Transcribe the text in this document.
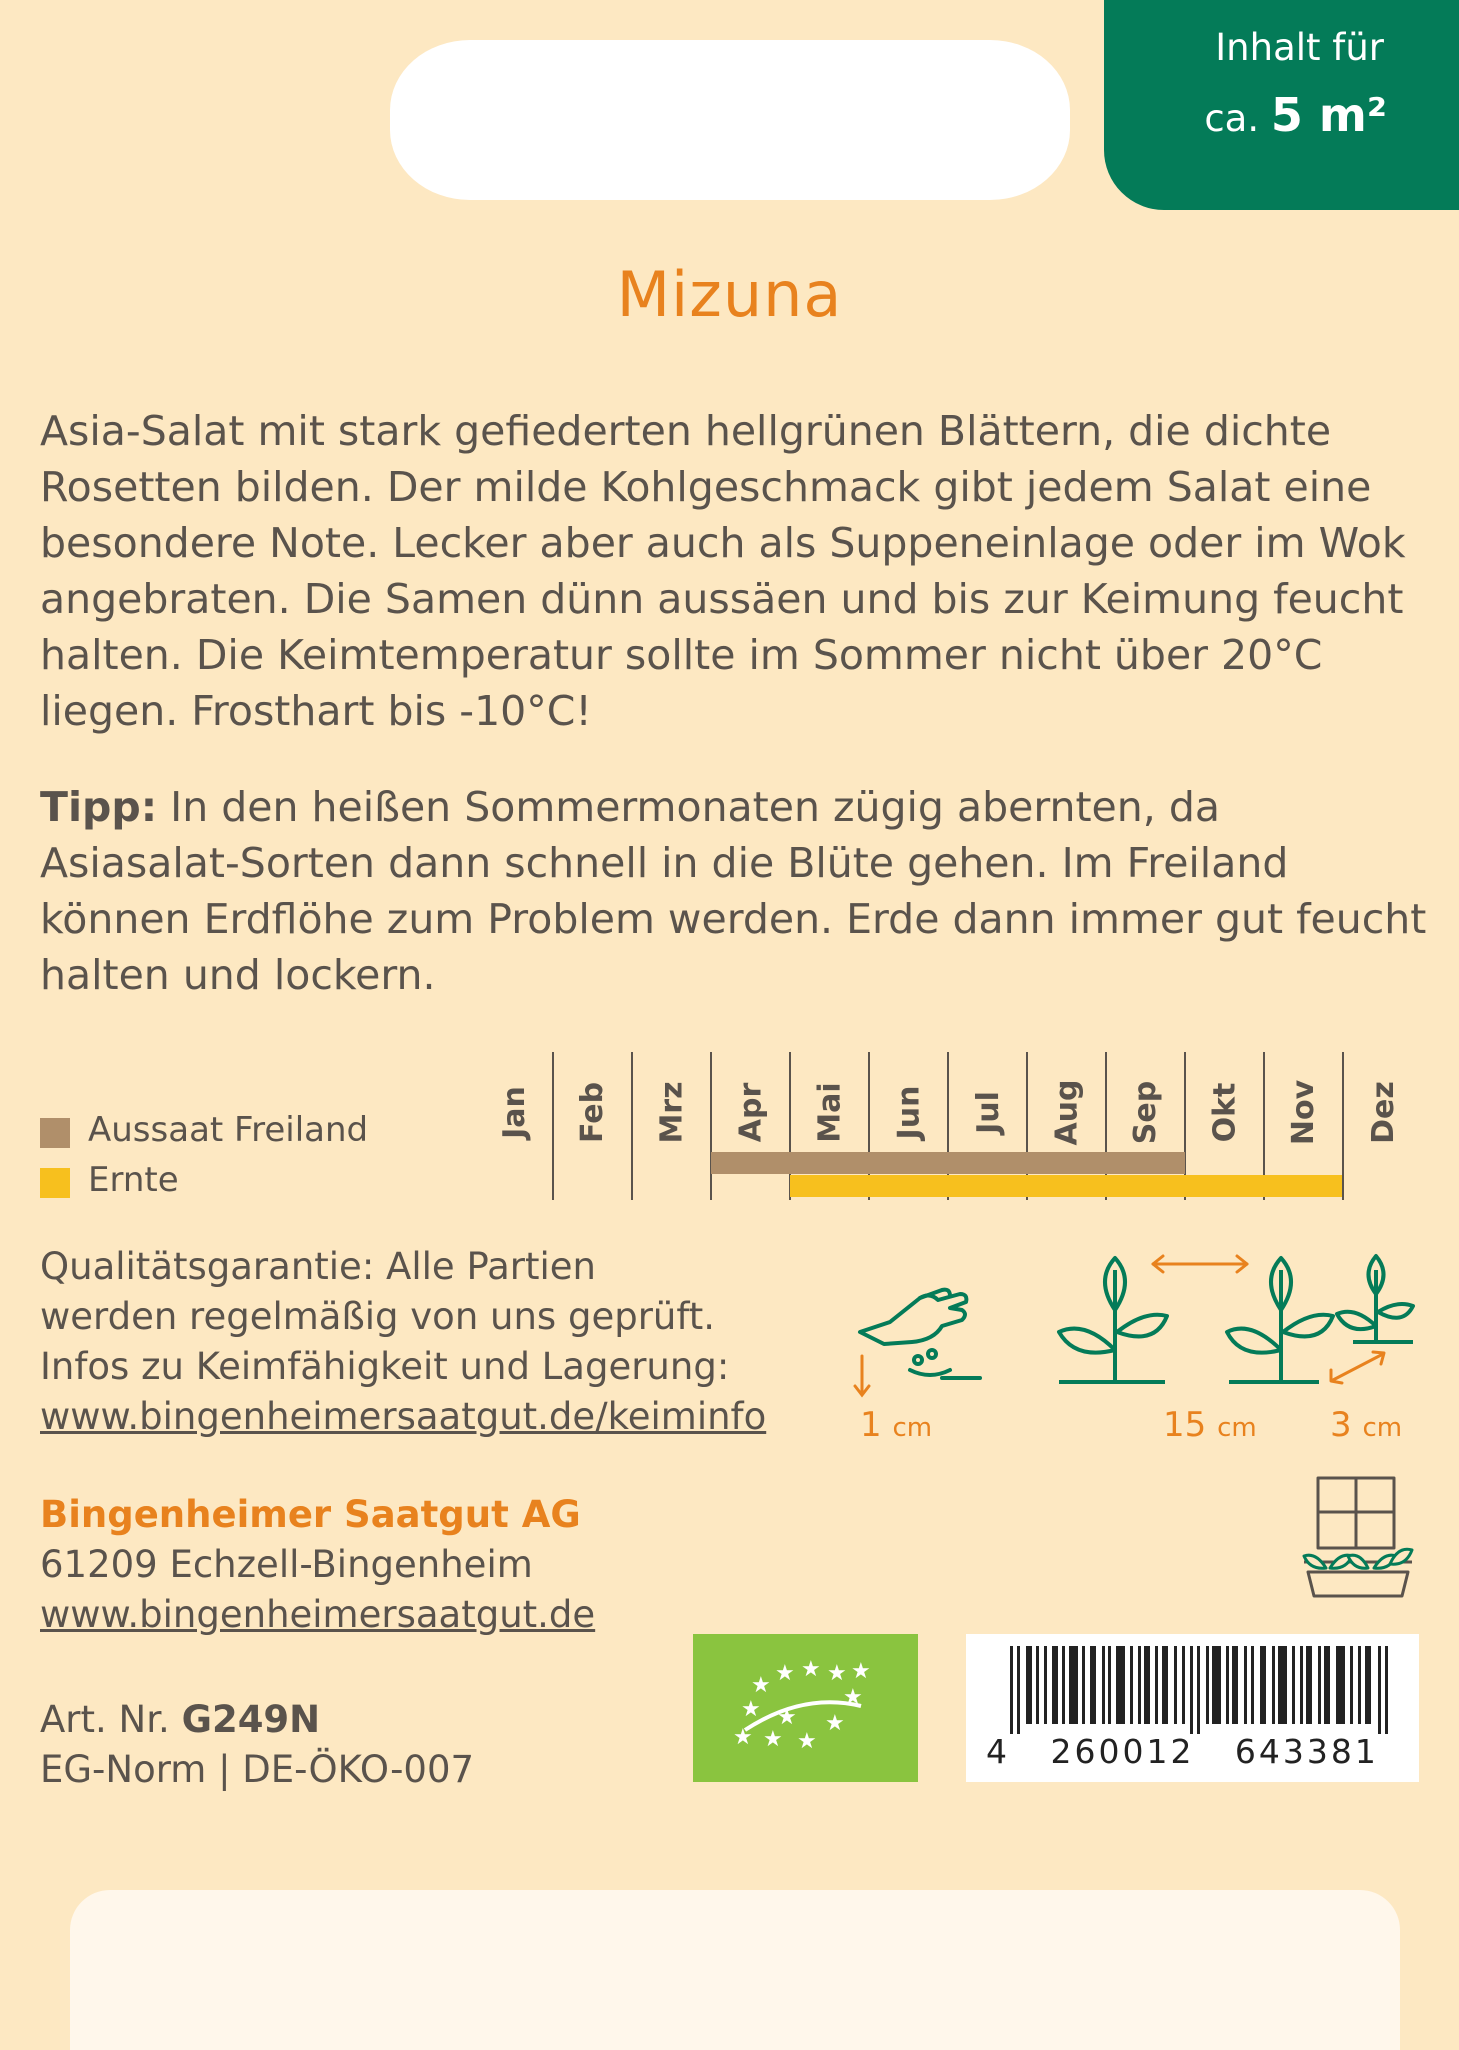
Inhalt für
ca. 5 m²
Mizuna

Asia-Salat mit stark gefiederten hellgrünen Blättern, die dichte Rosetten bilden. Der milde Kohlgeschmack gibt jedem Salat eine besondere Note. Lecker aber auch als Suppeneinlage oder im Wok angebraten. Die Samen dünn aussäen und bis zur Keimung feucht halten. Die Keimtemperatur sollte im Sommer nicht über 20°C liegen. Frosthart bis -10°C!

Tipp: In den heißen Sommermonaten zügig abernten, da Asiasalat-Sorten dann schnell in die Blüte gehen. Im Freiland können Erdflöhe zum Problem werden. Erde dann immer gut feucht halten und lockern.

Aussaat Freiland
Ernte
Jan Feb Mrz Apr Mai Jun Jul Aug Sep Okt Nov Dez

Qualitätsgarantie: Alle Partien

werden regelmäßig von uns geprüft.

Infos zu Keimfähigkeit und Lagerung:

www.bingenheimersaatgut.de/keiminfo	1 cm	15 cm 3 cm

Bingenheimer Saatgut AG

61209 Echzell-Bingenheim

www.bingenheimersaatgut.de

Art. Nr. G249N

EG-Norm | DE-ÖKO-007

★ ★ ★ ★
★	★
★
★
★ ★
★
★
4   260012   643381
